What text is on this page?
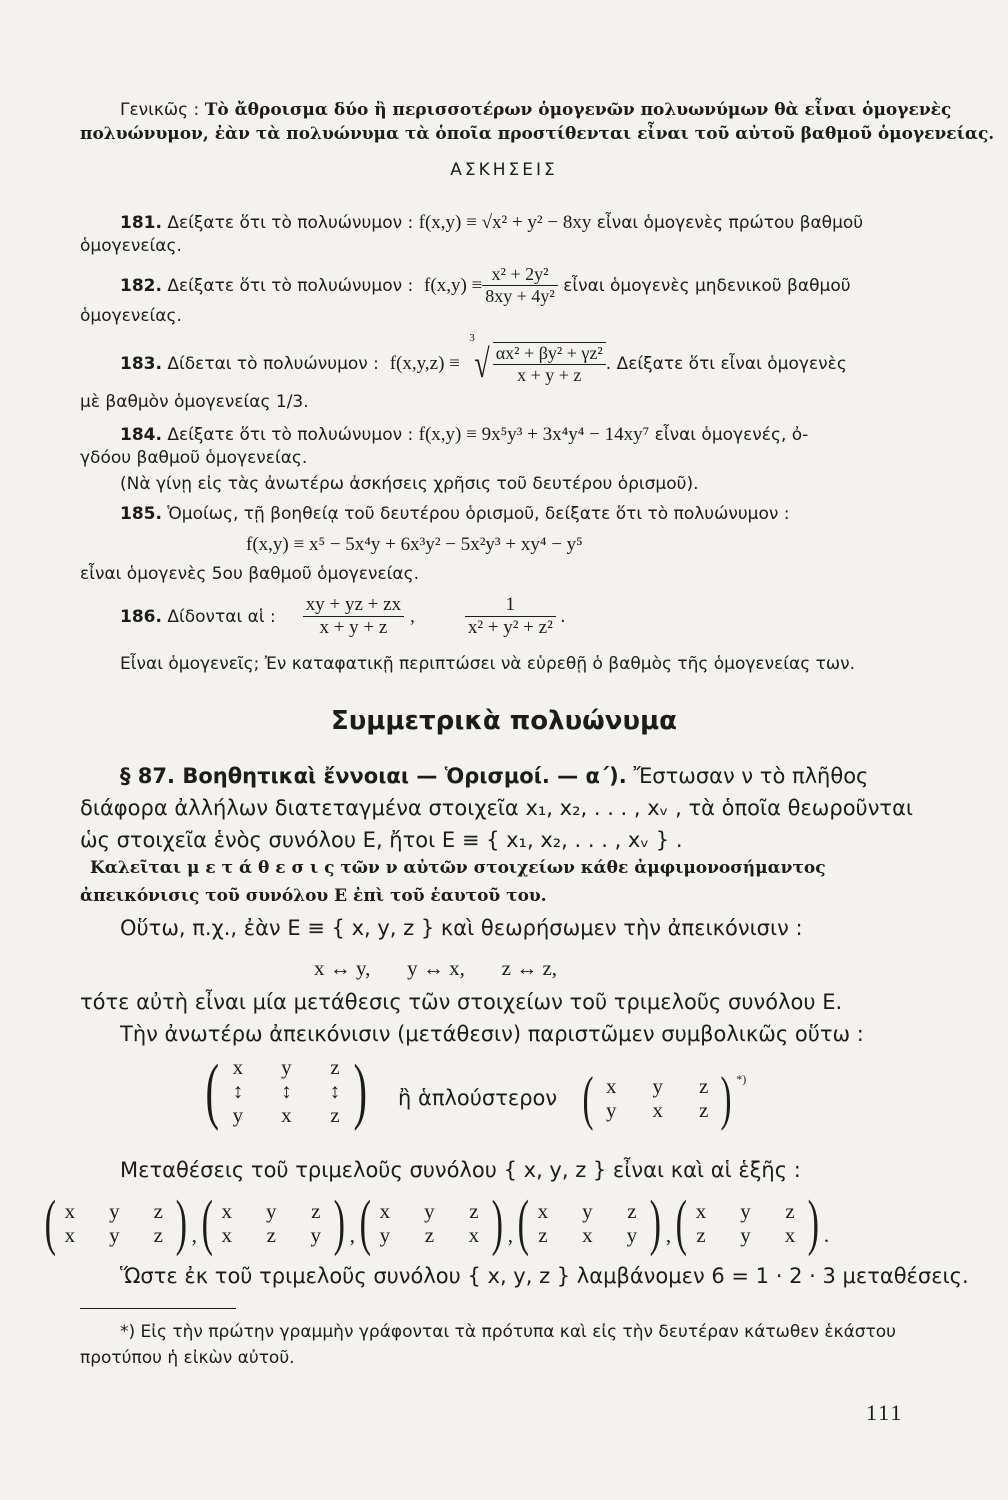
Γενικῶς : Τὸ ἄθροισμα δύο ἢ περισσοτέρων ὁμογενῶν πολυωνύμων θὰ εἶναι ὁμογενὲς
πολυώνυμον, ἐὰν τὰ πολυώνυμα τὰ ὁποῖα προστίθενται εἶναι τοῦ αὐτοῦ βαθμοῦ ὁμογενείας.
ΑΣΚΗΣΕΙΣ
181. Δείξατε ὅτι τὸ πολυώνυμον : f(x,y) ≡ √x² + y² − 8xy εἶναι ὁμογενὲς πρώτου βαθμοῦ
ὁμογενείας.
182.
Δείξατε ὅτι τὸ πολυώνυμον :
$f(x,y) \equiv \frac{\text{x² + 2y²}}{\text{8xy + 4y²}}$
εἶναι ὁμογενὲς μηδενικοῦ βαθμοῦ
ὁμογενείας.
183.
Δίδεται τὸ πολυώνυμον :
f(x,y,z) ≡

3
√ $\frac{\text{αx² + βy² + γz²}}{x + y + z}$ . Δείξατε ὅτι εἶναι ὁμογενὲς
μὲ βαθμὸν ὁμογενείας 1/3.
184. Δείξατε ὅτι τὸ πολυώνυμον : f(x,y) ≡ 9x⁵y³ + 3x⁴y⁴ − 14xy⁷ εἶναι ὁμογενές, ὀ-
γδόου βαθμοῦ ὁμογενείας.
(Νὰ γίνῃ εἰς τὰς ἀνωτέρω ἀσκήσεις χρῆσις τοῦ δευτέρου ὁρισμοῦ).
185. Ὁμοίως, τῇ βοηθείᾳ τοῦ δευτέρου ὁρισμοῦ, δείξατε ὅτι τὸ πολυώνυμον :
f(x,y) ≡ x⁵ − 5x⁴y + 6x³y² − 5x²y³ + xy⁴ − y⁵
εἶναι ὁμογενὲς 5ου βαθμοῦ ὁμογενείας.
186.
Δίδονται αἱ :
$\frac{xy + yz + zx}{x + y + z}$ ,	$\frac{1}{\text{x² + y² + z²}}$ .
Εἶναι ὁμογενεῖς; Ἐν καταφατικῇ περιπτώσει νὰ εὑρεθῇ ὁ βαθμὸς τῆς ὁμογενείας των.
Συμμετρικὰ πολυώνυμα
§ 87. Βοηθητικαὶ ἔννοιαι — Ὁρισμοί. — α΄). Ἔστωσαν ν τὸ πλῆθος
διάφορα ἀλλήλων διατεταγμένα στοιχεῖα x₁, x₂, . . . , xᵥ , τὰ ὁποῖα θεωροῦνται
ὡς στοιχεῖα ἑνὸς συνόλου Ε, ἤτοι Ε ≡ { x₁, x₂, . . . , xᵥ } .
Καλεῖται μ ε τ ά θ ε σ ι ς τῶν ν αὐτῶν στοιχείων κάθε ἀμφιμονοσήμαντος
ἀπεικόνισις τοῦ συνόλου Ε ἐπὶ τοῦ ἑαυτοῦ του.
Οὕτω, π.χ., ἐὰν Ε ≡ { x, y, z } καὶ θεωρήσωμεν τὴν ἀπεικόνισιν :
x ↔ y,       y ↔ x,       z ↔ z,
τότε αὐτὴ εἶναι μία μετάθεσις τῶν στοιχείων τοῦ τριμελοῦς συνόλου Ε.
Τὴν ἀνωτέρω ἀπεικόνισιν (μετάθεσιν) παριστῶμεν συμβολικῶς οὕτω :
( x
↕
y
y
↕
x
z
↕
z ) ἢ ἁπλούστερον ( x
y
y
x
z
z ) *)
Μεταθέσεις τοῦ τριμελοῦς συνόλου { x, y, z } εἶναι καὶ αἱ ἑξῆς :
( x
x
y
y
z
z ) , ( x
x
y
z
z
y ) , ( x
y
y
z
z
x ) , ( x
z
y
x
z
y ) , ( x
z
y
y
z
x ) .
Ὥστε ἐκ τοῦ τριμελοῦς συνόλου { x, y, z } λαμβάνομεν 6 = 1 · 2 · 3 μεταθέσεις.
*) Εἰς τὴν πρώτην γραμμὴν γράφονται τὰ πρότυπα καὶ εἰς τὴν δευτέραν κάτωθεν ἑκάστου
προτύπου ἡ εἰκὼν αὐτοῦ.
111
